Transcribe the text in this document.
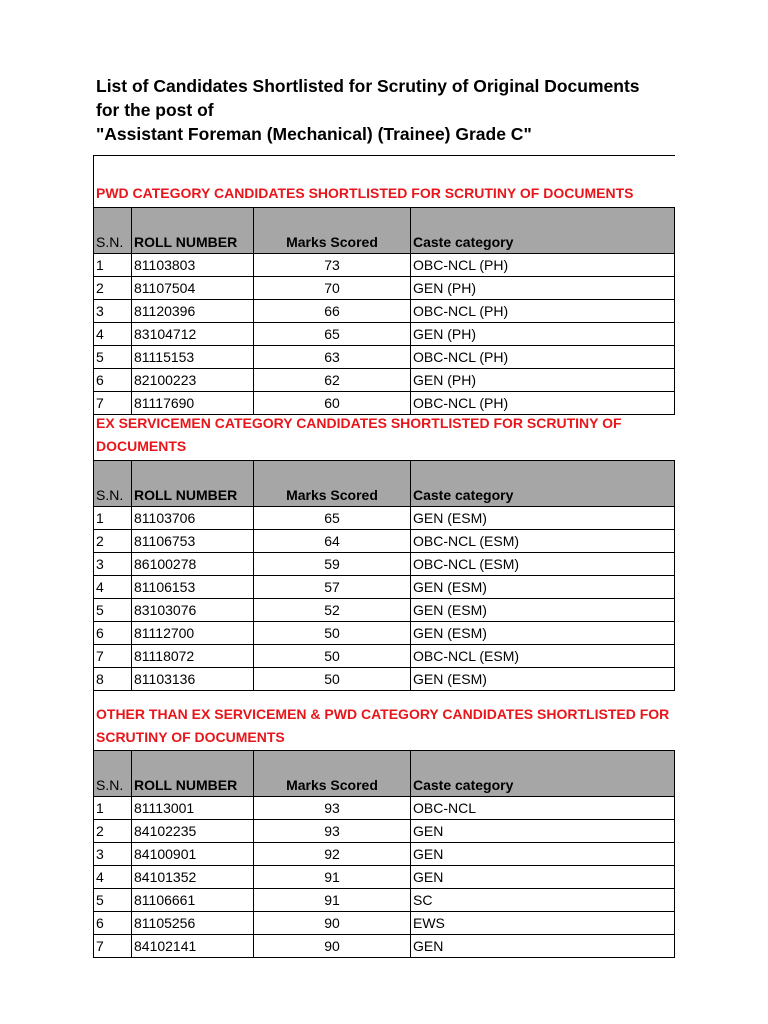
List of Candidates Shortlisted for Scrutiny of Original Documents
for the post of
"Assistant Foreman (Mechanical) (Trainee) Grade C"
PWD CATEGORY CANDIDATES SHORTLISTED FOR SCRUTINY OF DOCUMENTS
S.N.	ROLL NUMBER	Marks Scored	Caste category
1	81103803	73	OBC-NCL (PH)
2	81107504	70	GEN (PH)
3	81120396	66	OBC-NCL (PH)
4	83104712	65	GEN (PH)
5	81115153	63	OBC-NCL (PH)
6	82100223	62	GEN (PH)
7	81117690	60	OBC-NCL (PH)
EX SERVICEMEN CATEGORY CANDIDATES SHORTLISTED FOR SCRUTINY OF DOCUMENTS
S.N.	ROLL NUMBER	Marks Scored	Caste category
1	81103706	65	GEN (ESM)
2	81106753	64	OBC-NCL (ESM)
3	86100278	59	OBC-NCL (ESM)
4	81106153	57	GEN (ESM)
5	83103076	52	GEN (ESM)
6	81112700	50	GEN (ESM)
7	81118072	50	OBC-NCL (ESM)
8	81103136	50	GEN (ESM)
OTHER THAN EX SERVICEMEN & PWD CATEGORY CANDIDATES SHORTLISTED FOR SCRUTINY OF DOCUMENTS
S.N.	ROLL NUMBER	Marks Scored	Caste category
1	81113001	93	OBC-NCL
2	84102235	93	GEN
3	84100901	92	GEN
4	84101352	91	GEN
5	81106661	91	SC
6	81105256	90	EWS
7	84102141	90	GEN
